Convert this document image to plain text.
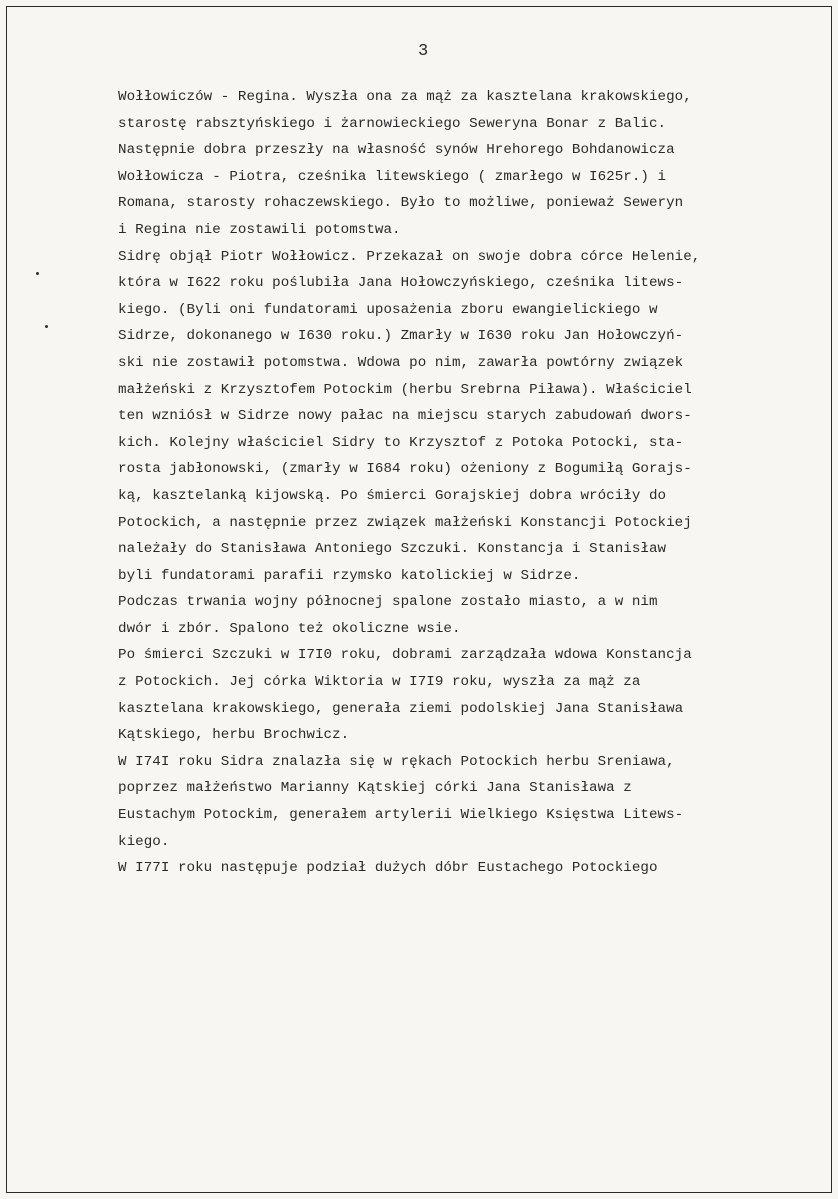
3
Wołłowiczów - Regina. Wyszła ona za mąż za kasztelana krakowskiego,
starostę rabsztyńskiego i żarnowieckiego Seweryna Bonar z Balic.
Następnie dobra przeszły na własność synów Hrehorego Bohdanowicza
Wołłowicza - Piotra, cześnika litewskiego ( zmarłego w I625r.) i
Romana, starosty rohaczewskiego. Było to możliwe, ponieważ Seweryn
i Regina nie zostawili potomstwa.
Sidrę objął Piotr Wołłowicz. Przekazał on swoje dobra córce Helenie,
która w I622 roku poślubiła Jana Hołowczyńskiego, cześnika litews-
kiego. (Byli oni fundatorami uposażenia zboru ewangielickiego w
Sidrze, dokonanego w I630 roku.) Zmarły w I630 roku Jan Hołowczyń-
ski nie zostawił potomstwa. Wdowa po nim, zawarła powtórny związek
małżeński z Krzysztofem Potockim (herbu Srebrna Piława). Właściciel
ten wzniósł w Sidrze nowy pałac na miejscu starych zabudowań dwors-
kich. Kolejny właściciel Sidry to Krzysztof z Potoka Potocki, sta-
rosta jabłonowski, (zmarły w I684 roku) ożeniony z Bogumiłą Gorajs-
ką, kasztelanką kijowską. Po śmierci Gorajskiej dobra wróciły do
Potockich, a następnie przez związek małżeński Konstancji Potockiej
należały do Stanisława Antoniego Szczuki. Konstancja i Stanisław
byli fundatorami parafii rzymsko katolickiej w Sidrze.
Podczas trwania wojny północnej spalone zostało miasto, a w nim
dwór i zbór. Spalono też okoliczne wsie.
Po śmierci Szczuki w I7I0 roku, dobrami zarządzała wdowa Konstancja
z Potockich. Jej córka Wiktoria w I7I9 roku, wyszła za mąż za
kasztelana krakowskiego, generała ziemi podolskiej Jana Stanisława
Kątskiego, herbu Brochwicz.
W I74I roku Sidra znalazła się w rękach Potockich herbu Sreniawa,
poprzez małżeństwo Marianny Kątskiej córki Jana Stanisława z
Eustachym Potockim, generałem artylerii Wielkiego Księstwa Litews-
kiego.
W I77I roku następuje podział dużych dóbr Eustachego Potockiego
